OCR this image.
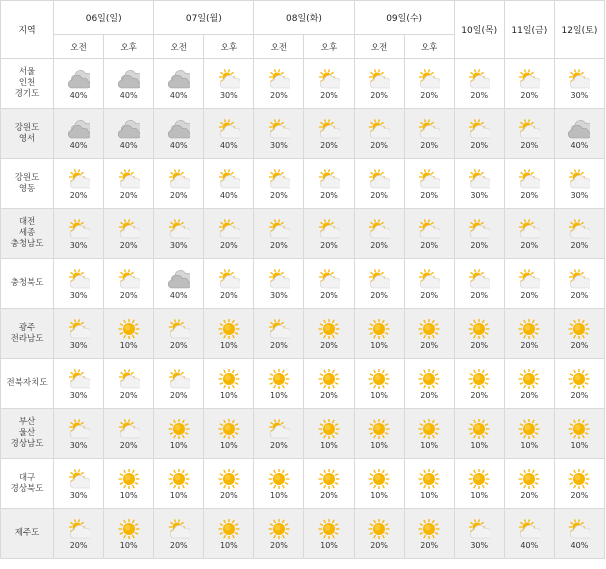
지역	06일(일)		07일(월)		08일(화)		09일(수)		10일(목)	11일(금)	12일(토)
	오전	오후	오전	오후	오전	오후	오전	오후			

서울
인천
경기도	40%	40%	40%	30%	20%	20%	20%	20%	20%	20%	30%

강원도
영서	40%	40%	40%	40%	30%	20%	20%	20%	20%	20%	40%

강원도
영동	20%	20%	20%	40%	20%	20%	20%	20%	30%	20%	30%

대전
세종
충청남도	30%	20%	30%	20%	20%	20%	20%	20%	20%	20%	20%

충청북도	30%	20%	40%	20%	30%	20%	20%	20%	20%	20%	20%

광주
전라남도	30%	10%	20%	10%	20%	20%	10%	20%	20%	20%	20%

전북자치도	30%	20%	20%	10%	10%	20%	10%	20%	20%	20%	20%

부산
울산
경상남도	30%	20%	10%	10%	20%	10%	10%	10%	10%	10%	10%

대구
경상북도	30%	10%	10%	20%	10%	20%	10%	10%	10%	20%	20%

제주도	20%	10%	20%	10%	20%	10%	20%	20%	30%	40%	40%
